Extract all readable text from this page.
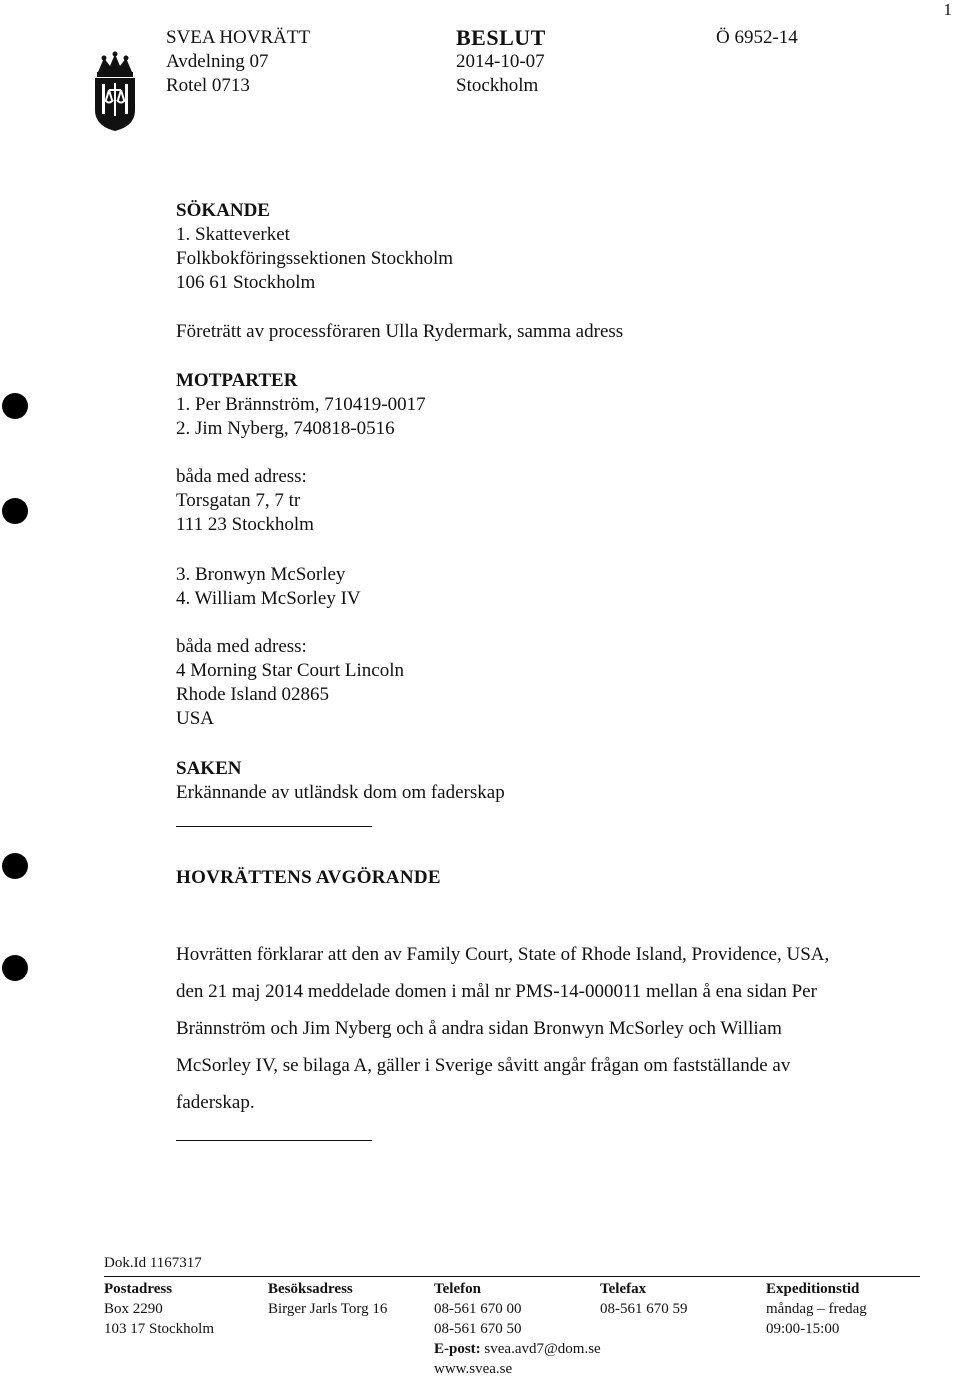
1
SVEA HOVRÄTT
Avdelning 07
Rotel 0713
BESLUT
2014-10-07
Stockholm
Ö 6952-14
SÖKANDE
1. Skatteverket
Folkbokföringssektionen Stockholm
106 61 Stockholm
Företrätt av processföraren Ulla Rydermark, samma adress
MOTPARTER
1. Per Brännström, 710419-0017
2. Jim Nyberg, 740818-0516
båda med adress:
Torsgatan 7, 7 tr
111 23 Stockholm
3. Bronwyn McSorley
4. William McSorley IV
båda med adress:
4 Morning Star Court Lincoln
Rhode Island 02865
USA
SAKEN
Erkännande av utländsk dom om faderskap
HOVRÄTTENS AVGÖRANDE
Hovrätten förklarar att den av Family Court, State of Rhode Island, Providence, USA,
den 21 maj 2014 meddelade domen i mål nr PMS-14-000011 mellan å ena sidan Per
Brännström och Jim Nyberg och å andra sidan Bronwyn McSorley och William
McSorley IV, se bilaga A, gäller i Sverige såvitt angår frågan om fastställande av
faderskap.
Dok.Id 1167317
Postadress
Box 2290
103 17 Stockholm
Besöksadress
Birger Jarls Torg 16
Telefon
08-561 670 00
08-561 670 50
E-post: svea.avd7@dom.se
www.svea.se
Telefax
08-561 670 59
Expeditionstid
måndag – fredag
09:00-15:00
